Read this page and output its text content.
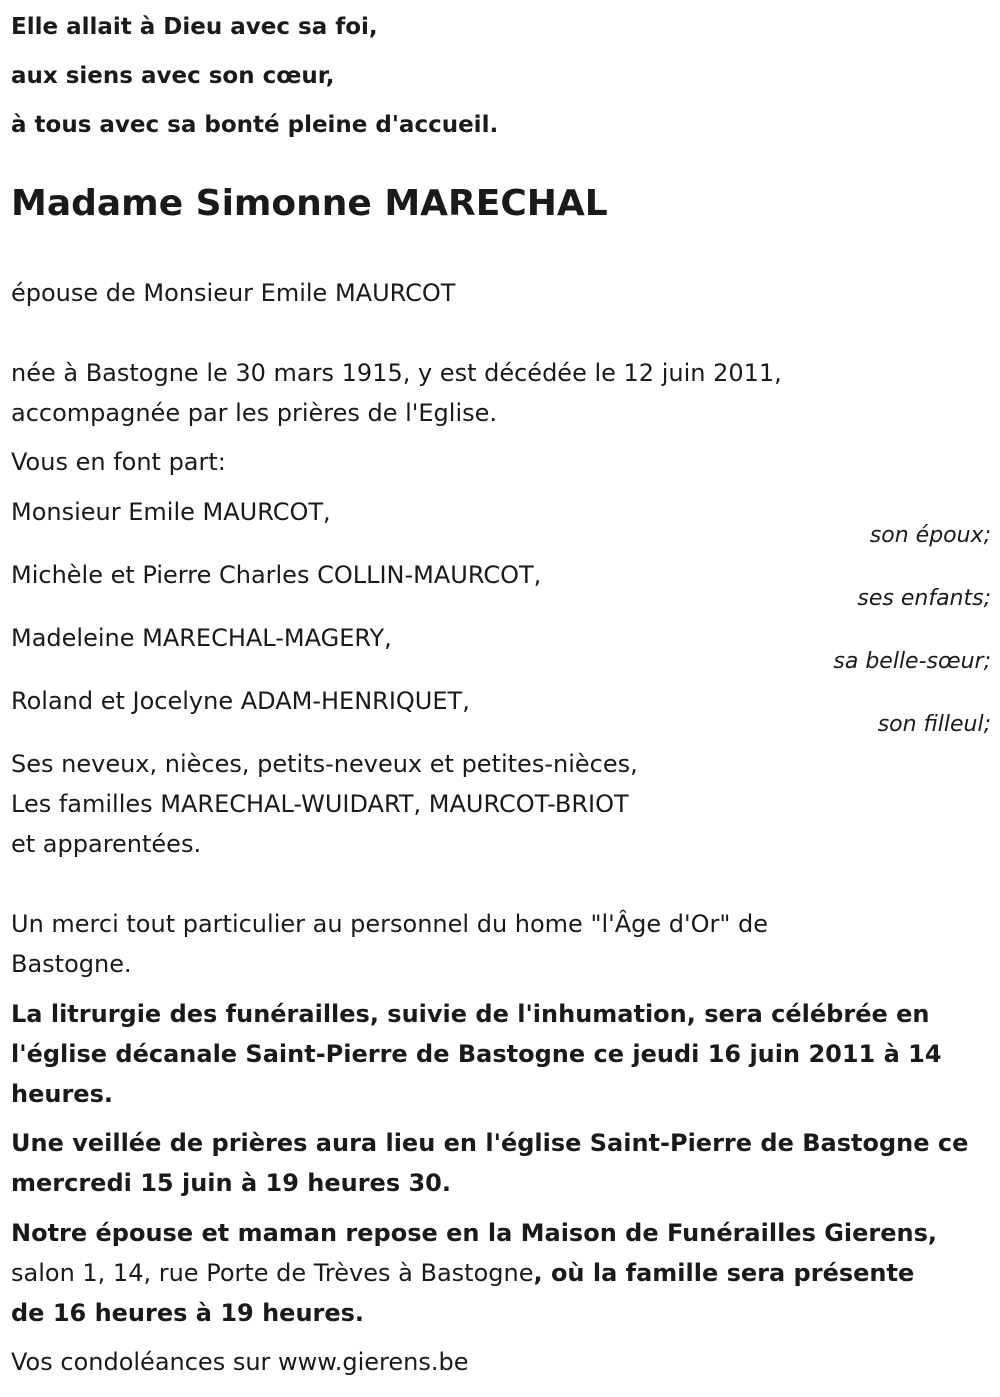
Elle allait à Dieu avec sa foi,
aux siens avec son cœur,
à tous avec sa bonté pleine d'accueil.
Madame Simonne MARECHAL
épouse de Monsieur Emile MAURCOT
née à Bastogne le 30 mars 1915, y est décédée le 12 juin 2011,
accompagnée par les prières de l'Eglise.
Vous en font part:
Monsieur Emile MAURCOT,
son époux;
Michèle et Pierre Charles COLLIN-MAURCOT,
ses enfants;
Madeleine MARECHAL-MAGERY,
sa belle-sœur;
Roland et Jocelyne ADAM-HENRIQUET,
son filleul;
Ses neveux, nièces, petits-neveux et petites-nièces,
Les familles MARECHAL-WUIDART, MAURCOT-BRIOT
et apparentées.
Un merci tout particulier au personnel du home "l'Âge d'Or" de
Bastogne.
La litrurgie des funérailles, suivie de l'inhumation, sera célébrée en
l'église décanale Saint-Pierre de Bastogne ce jeudi 16 juin 2011 à 14
heures.
Une veillée de prières aura lieu en l'église Saint-Pierre de Bastogne ce
mercredi 15 juin à 19 heures 30.
Notre épouse et maman repose en la Maison de Funérailles Gierens,
salon 1, 14, rue Porte de Trèves à Bastogne, où la famille sera présente
de 16 heures à 19 heures.
Vos condoléances sur www.gierens.be
